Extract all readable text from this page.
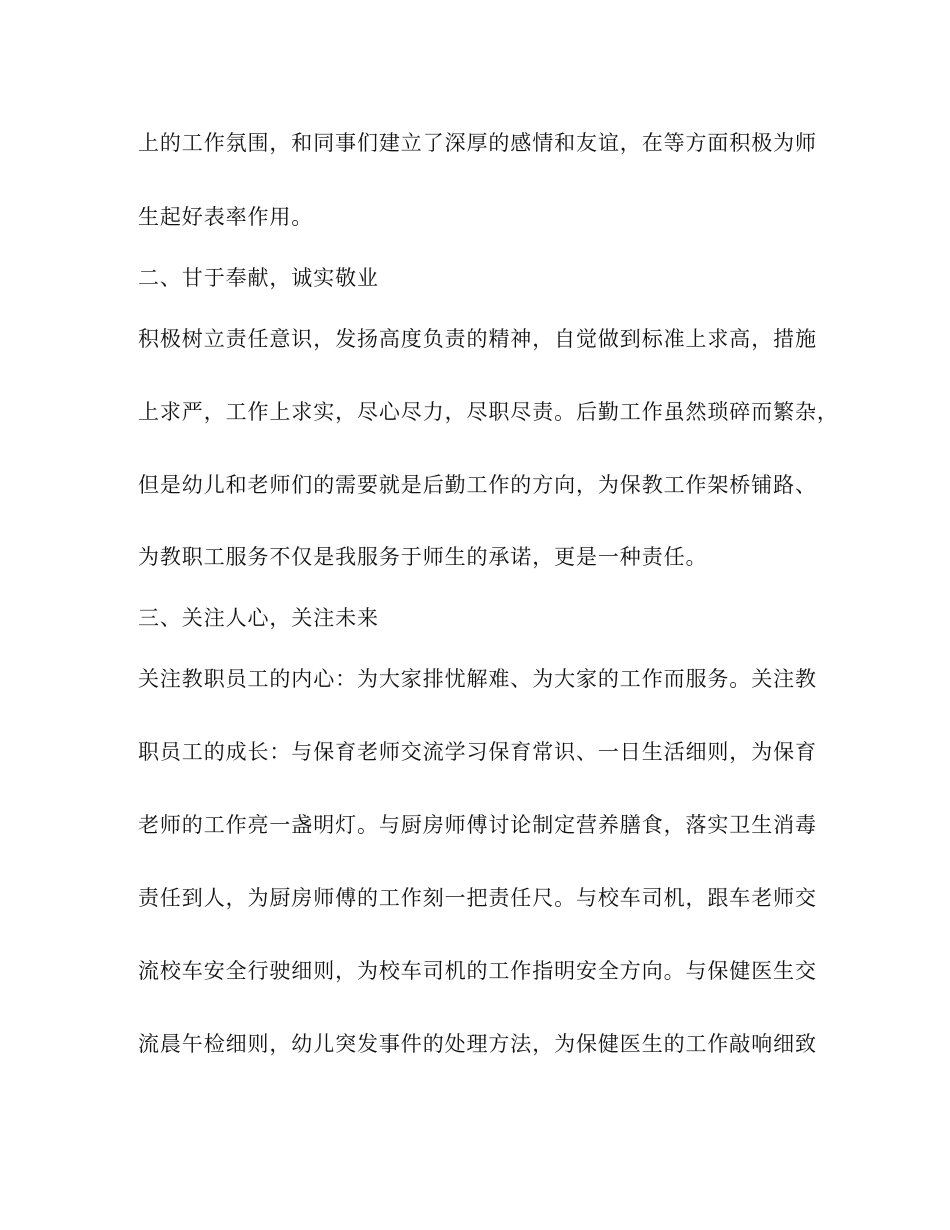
上的工作氛围，和同事们建立了深厚的感情和友谊，在等方面积极为师

生起好表率作用。

二、甘于奉献，诚实敬业

积极树立责任意识，发扬高度负责的精神，自觉做到标准上求高，措施

上求严，工作上求实，尽心尽力，尽职尽责。后勤工作虽然琐碎而繁杂，

但是幼儿和老师们的需要就是后勤工作的方向，为保教工作架桥铺路、

为教职工服务不仅是我服务于师生的承诺，更是一种责任。

三、关注人心，关注未来

关注教职员工的内心：为大家排忧解难、为大家的工作而服务。关注教

职员工的成长：与保育老师交流学习保育常识、一日生活细则，为保育

老师的工作亮一盏明灯。与厨房师傅讨论制定营养膳食，落实卫生消毒

责任到人，为厨房师傅的工作刻一把责任尺。与校车司机，跟车老师交

流校车安全行驶细则，为校车司机的工作指明安全方向。与保健医生交

流晨午检细则，幼儿突发事件的处理方法，为保健医生的工作敲响细致
